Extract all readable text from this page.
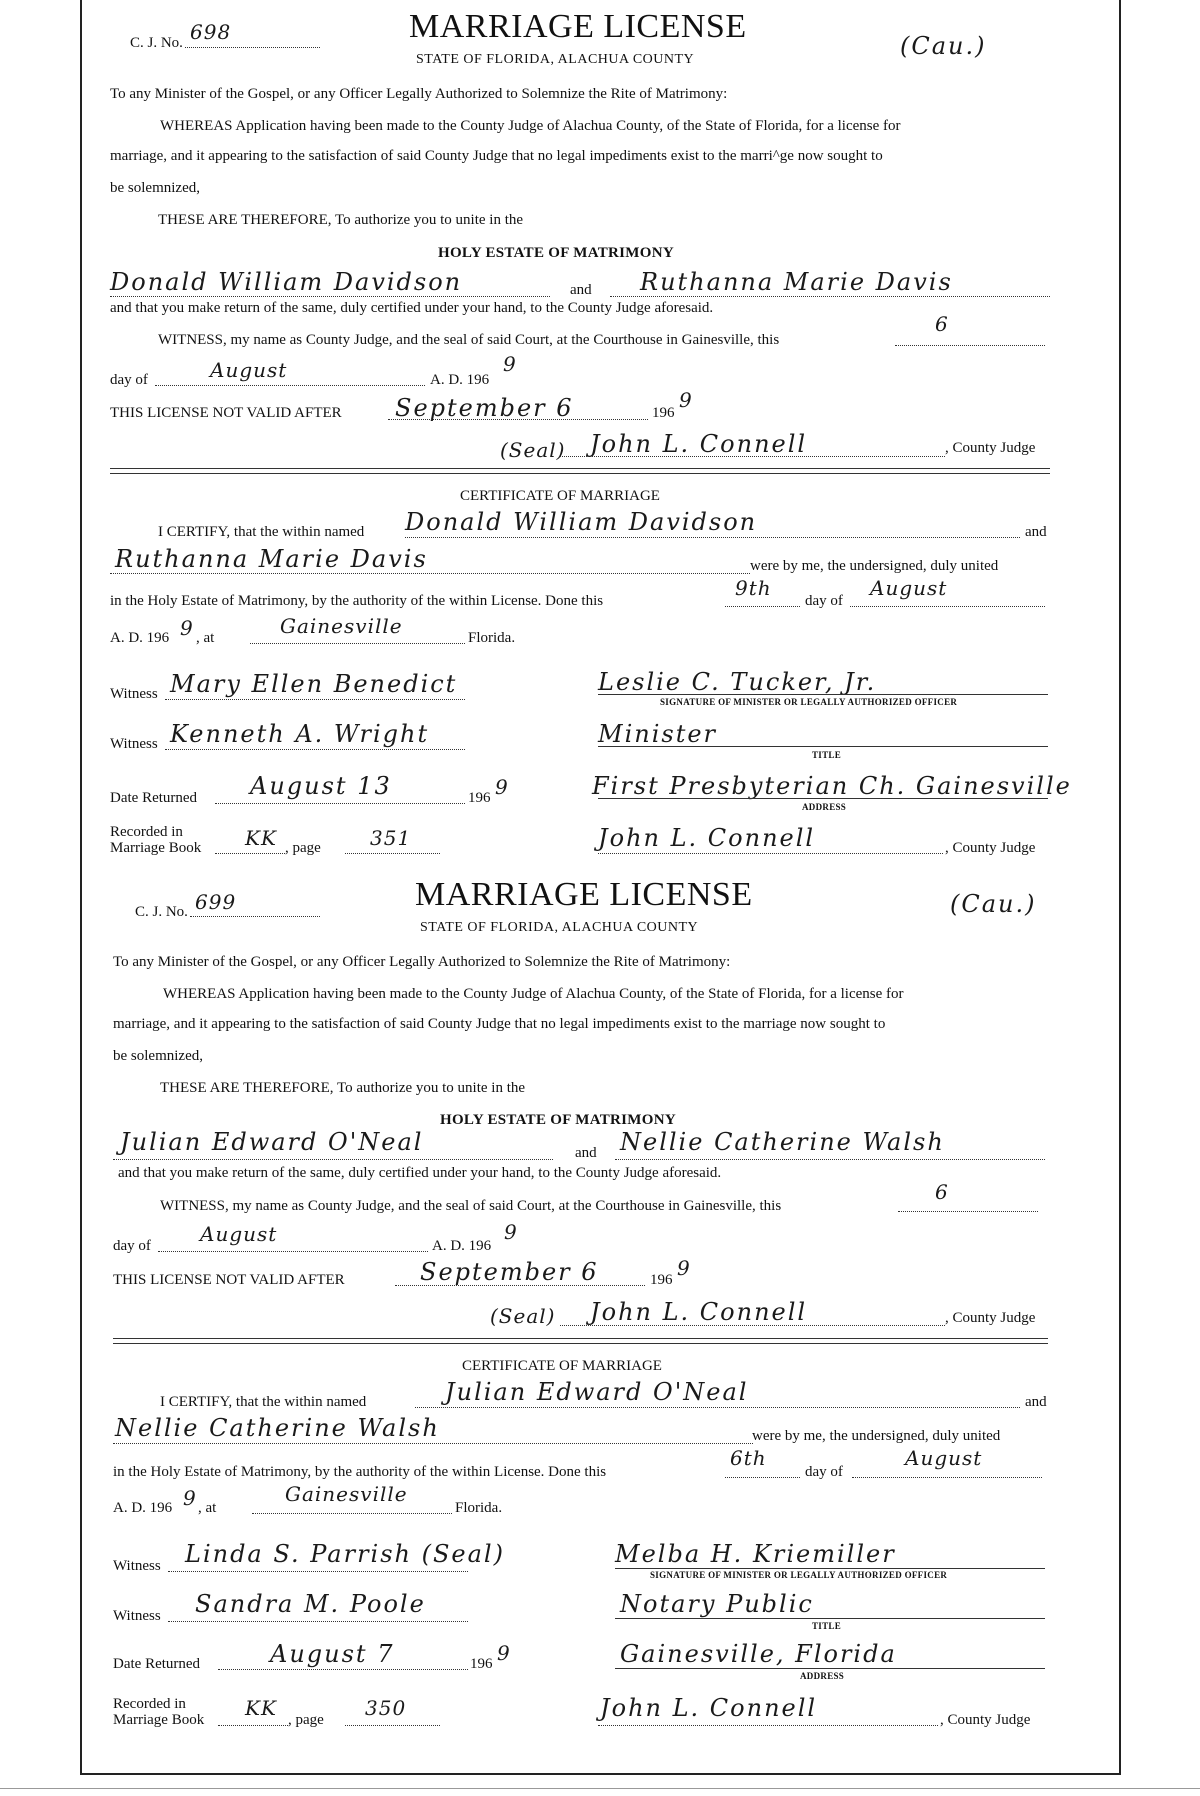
C. J. No. 698	MARRIAGE LICENSE
STATE OF FLORIDA, ALACHUA COUNTY	(Cau.)
To any Minister of the Gospel, or any Officer Legally Authorized to Solemnize the Rite of Matrimony:
WHEREAS Application having been made to the County Judge of Alachua County, of the State of Florida, for a license for
marriage, and it appearing to the satisfaction of said County Judge that no legal impediments exist to the marri^ge now sought to
be solemnized,
THESE ARE THEREFORE, To authorize you to unite in the
HOLY ESTATE OF MATRIMONY
Donald William Davidson	and Ruthanna Marie Davis
and that you make return of the same, duly certified under your hand, to the County Judge aforesaid.
WITNESS, my name as County Judge, and the seal of said Court, at the Courthouse in Gainesville, this
6
day of	August	A. D. 196
9
THIS LICENSE NOT VALID AFTER September 6	196
9
(Seal) John L. Connell	, County Judge
CERTIFICATE OF MARRIAGE
I CERTIFY, that the within named Donald William Davidson	and
Ruthanna Marie Davis	were by me, the undersigned, duly united
in the Holy Estate of Matrimony, by the authority of the within License. Done this
9th
day of
August
A. D. 196 9 , at	Gainesville	Florida.
Witness Mary Ellen Benedict	Leslie C. Tucker, Jr.
SIGNATURE OF MINISTER OR LEGALLY AUTHORIZED OFFICER
Witness Kenneth A. Wright	Minister
TITLE
Date Returned August 13	196 9	First Presbyterian Ch. Gainesville
ADDRESS
Recorded in
Marriage Book KK , page 351	John L. Connell	, County Judge
C. J. No. 699	MARRIAGE LICENSE
STATE OF FLORIDA, ALACHUA COUNTY
(Cau.)
To any Minister of the Gospel, or any Officer Legally Authorized to Solemnize the Rite of Matrimony:
WHEREAS Application having been made to the County Judge of Alachua County, of the State of Florida, for a license for
marriage, and it appearing to the satisfaction of said County Judge that no legal impediments exist to the marriage now sought to
be solemnized,
THESE ARE THEREFORE, To authorize you to unite in the
HOLY ESTATE OF MATRIMONY
Julian Edward O'Neal	and Nellie Catherine Walsh
and that you make return of the same, duly certified under your hand, to the County Judge aforesaid.
WITNESS, my name as County Judge, and the seal of said Court, at the Courthouse in Gainesville, this
6
day of August	A. D. 196
9
THIS LICENSE NOT VALID AFTER	September 6	196 9
(Seal) John L. Connell	, County Judge
CERTIFICATE OF MARRIAGE
I CERTIFY, that the within named	Julian Edward O'Neal	and
Nellie Catherine Walsh	were by me, the undersigned, duly united
in the Holy Estate of Matrimony, by the authority of the within License. Done this
6th
day of
August
A. D. 196 9 , at
Gainesville
Florida.
Witness Linda S. Parrish (Seal)	Melba H. Kriemiller
SIGNATURE OF MINISTER OR LEGALLY AUTHORIZED OFFICER
Witness Sandra M. Poole	Notary Public
TITLE
Date Returned	August 7	196 9	Gainesville, Florida
ADDRESS
Recorded in
Marriage Book KK , page 350	John L. Connell	, County Judge
